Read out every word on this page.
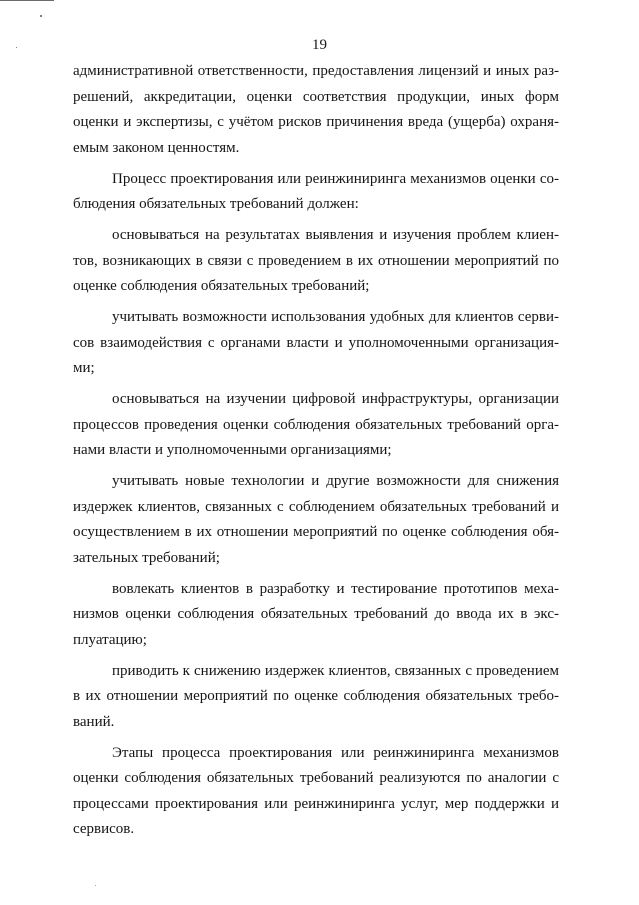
19
административной ответственности, предоставления лицензий и иных раз-
решений, аккредитации, оценки соответствия продукции, иных форм
оценки и экспертизы, с учётом рисков причинения вреда (ущерба) охраня-
емым законом ценностям.
Процесс проектирования или реинжиниринга механизмов оценки со-
блюдения обязательных требований должен:
основываться на результатах выявления и изучения проблем клиен-
тов, возникающих в связи с проведением в их отношении мероприятий по
оценке соблюдения обязательных требований;
учитывать возможности использования удобных для клиентов серви-
сов взаимодействия с органами власти и уполномоченными организация-
ми;
основываться на изучении цифровой инфраструктуры, организации
процессов проведения оценки соблюдения обязательных требований орга-
нами власти и уполномоченными организациями;
учитывать новые технологии и другие возможности для снижения
издержек клиентов, связанных с соблюдением обязательных требований и
осуществлением в их отношении мероприятий по оценке соблюдения обя-
зательных требований;
вовлекать клиентов в разработку и тестирование прототипов меха-
низмов оценки соблюдения обязательных требований до ввода их в экс-
плуатацию;
приводить к снижению издержек клиентов, связанных с проведением
в их отношении мероприятий по оценке соблюдения обязательных требо-
ваний.
Этапы процесса проектирования или реинжиниринга механизмов
оценки соблюдения обязательных требований реализуются по аналогии с
процессами проектирования или реинжиниринга услуг, мер поддержки и
сервисов.
